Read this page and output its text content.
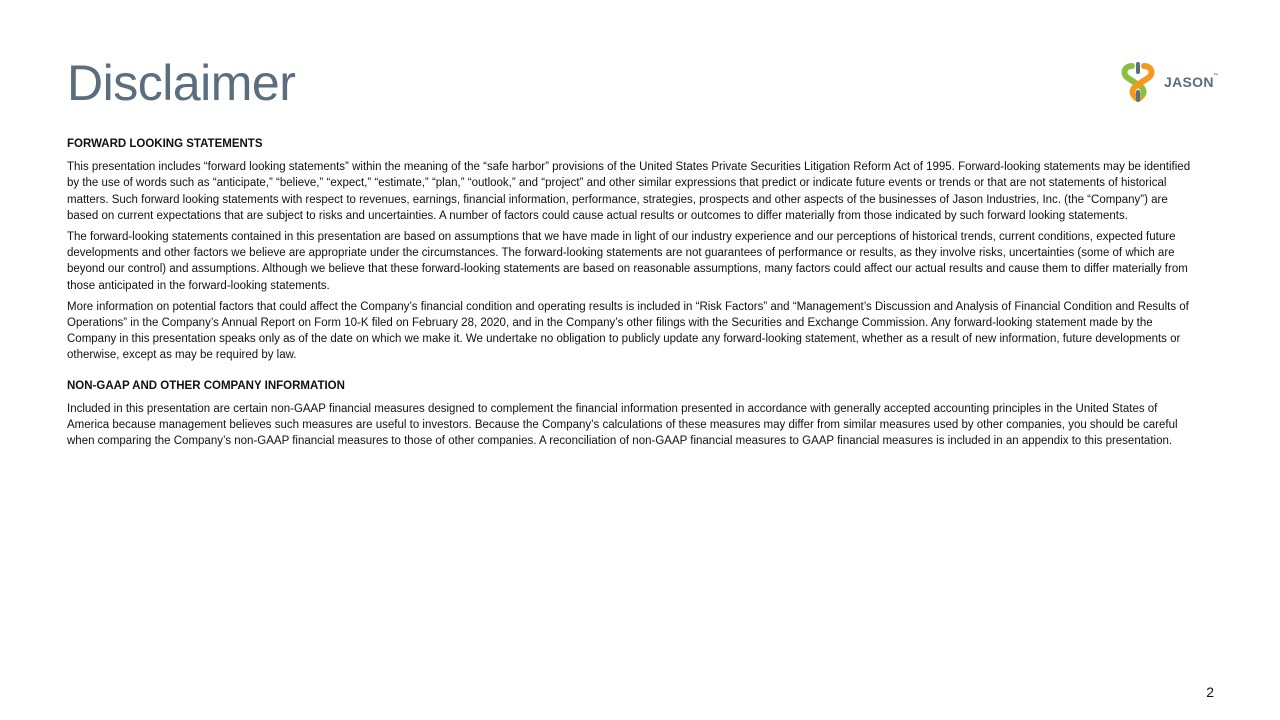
Disclaimer	JASON ™

FORWARD LOOKING STATEMENTS

This presentation includes “forward looking statements” within the meaning of the “safe harbor” provisions of the United States Private Securities Litigation Reform Act of 1995. Forward-looking statements may be identified by the use of words such as “anticipate,” “believe,” “expect,” “estimate,” “plan,” “outlook,” and “project” and other similar expressions that predict or indicate future events or trends or that are not statements of historical matters. Such forward looking statements with respect to revenues, earnings, financial information, performance, strategies, prospects and other aspects of the businesses of Jason Industries, Inc. (the “Company”) are based on current expectations that are subject to risks and uncertainties. A number of factors could cause actual results or outcomes to differ materially from those indicated by such forward looking statements.

The forward-looking statements contained in this presentation are based on assumptions that we have made in light of our industry experience and our perceptions of historical trends, current conditions, expected future developments and other factors we believe are appropriate under the circumstances. The forward-looking statements are not guarantees of performance or results, as they involve risks, uncertainties (some of which are beyond our control) and assumptions. Although we believe that these forward-looking statements are based on reasonable assumptions, many factors could affect our actual results and cause them to differ materially from those anticipated in the forward-looking statements.

More information on potential factors that could affect the Company’s financial condition and operating results is included in “Risk Factors” and “Management’s Discussion and Analysis of Financial Condition and Results of Operations” in the Company’s Annual Report on Form 10-K filed on February 28, 2020, and in the Company’s other filings with the Securities and Exchange Commission. Any forward-looking statement made by the Company in this presentation speaks only as of the date on which we make it. We undertake no obligation to publicly update any forward-looking statement, whether as a result of new information, future developments or otherwise, except as may be required by law.

NON-GAAP AND OTHER COMPANY INFORMATION

Included in this presentation are certain non-GAAP financial measures designed to complement the financial information presented in accordance with generally accepted accounting principles in the United States of America because management believes such measures are useful to investors. Because the Company’s calculations of these measures may differ from similar measures used by other companies, you should be careful when comparing the Company’s non-GAAP financial measures to those of other companies. A reconciliation of non-GAAP financial measures to GAAP financial measures is included in an appendix to this presentation.

2
